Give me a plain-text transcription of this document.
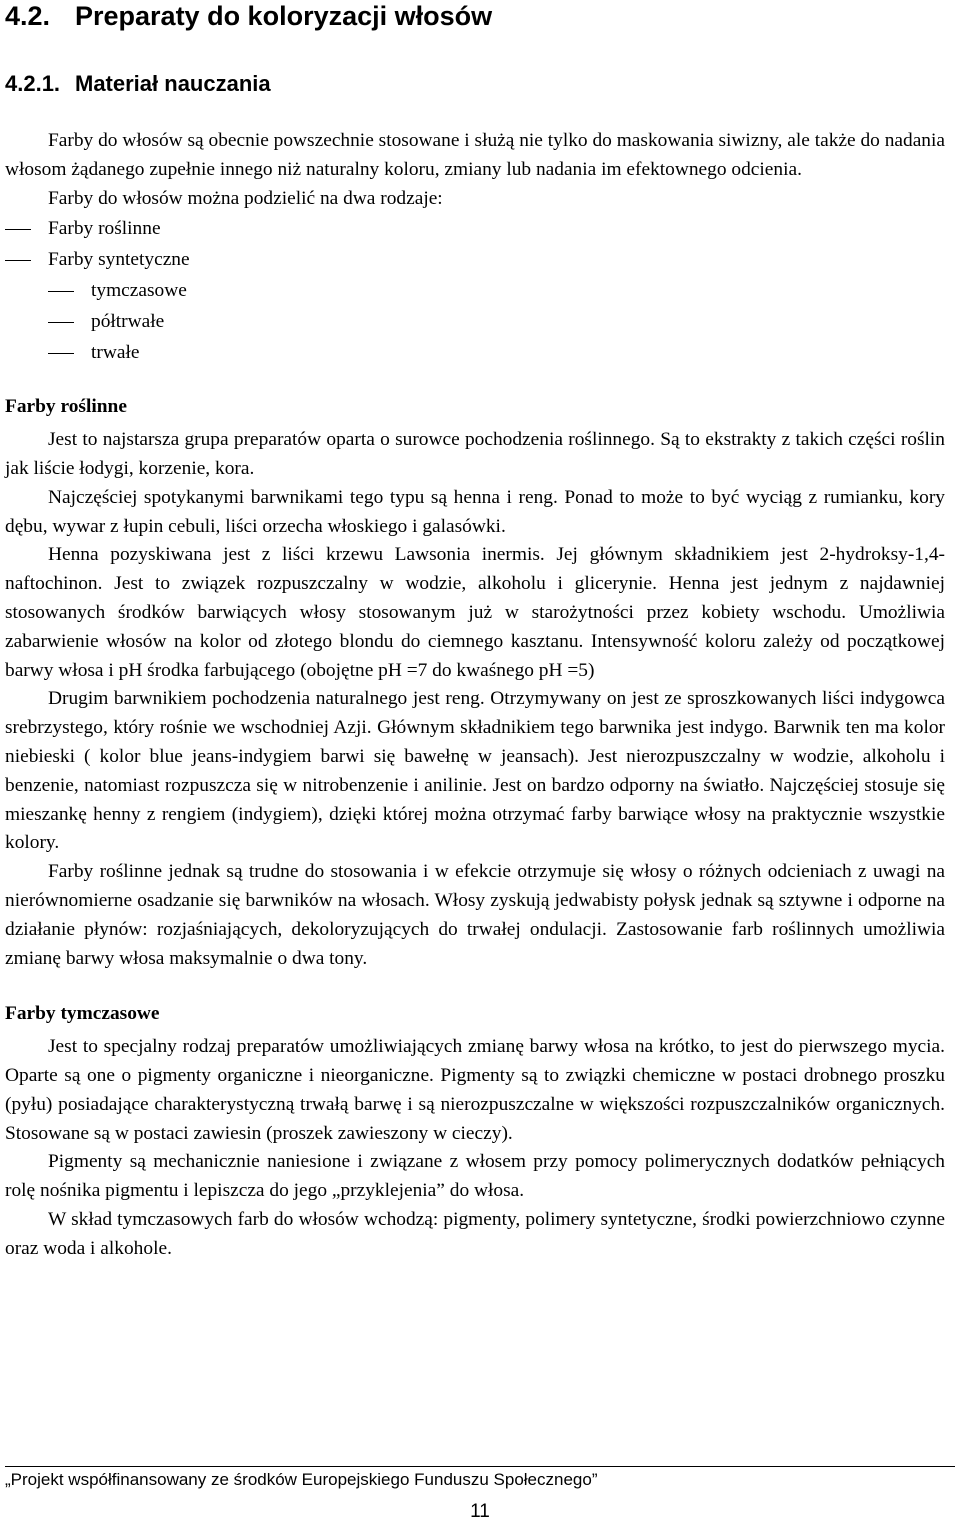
4.2. Preparaty do koloryzacji włosów
4.2.1. Materiał nauczania

Farby do włosów są obecnie powszechnie stosowane i służą nie tylko do maskowania siwizny, ale także do nadania włosom żądanego zupełnie innego niż naturalny koloru, zmiany lub nadania im efektownego odcienia.

Farby do włosów można podzielić na dwa rodzaje:

Farby roślinne
Farby syntetyczne
tymczasowe
półtrwałe
trwałe

Farby roślinne

Jest to najstarsza grupa preparatów oparta o surowce pochodzenia roślinnego. Są to ekstrakty z takich części roślin jak liście łodygi, korzenie, kora.

Najczęściej spotykanymi barwnikami tego typu są henna i reng. Ponad to może to być wyciąg z rumianku, kory dębu, wywar z łupin cebuli, liści orzecha włoskiego i galasówki.

Henna pozyskiwana jest z liści krzewu Lawsonia inermis. Jej głównym składnikiem jest 2-hydroksy-1,4-naftochinon. Jest to związek rozpuszczalny w wodzie, alkoholu i glicerynie. Henna jest jednym z najdawniej stosowanych środków barwiących włosy stosowanym już w starożytności przez kobiety wschodu. Umożliwia zabarwienie włosów na kolor od złotego blondu do ciemnego kasztanu. Intensywność koloru zależy od początkowej barwy włosa i pH środka farbującego (obojętne pH =7 do kwaśnego pH =5)

Drugim barwnikiem pochodzenia naturalnego jest reng. Otrzymywany on jest ze sproszkowanych liści indygowca srebrzystego, który rośnie we wschodniej Azji. Głównym składnikiem tego barwnika jest indygo. Barwnik ten ma kolor niebieski ( kolor blue jeans-indygiem barwi się bawełnę w jeansach). Jest nierozpuszczalny w wodzie, alkoholu i benzenie, natomiast rozpuszcza się w nitrobenzenie i anilinie. Jest on bardzo odporny na światło. Najczęściej stosuje się mieszankę henny z rengiem (indygiem), dzięki której można otrzymać farby barwiące włosy na praktycznie wszystkie kolory.

Farby roślinne jednak są trudne do stosowania i w efekcie otrzymuje się włosy o różnych odcieniach z uwagi na nierównomierne osadzanie się barwników na włosach. Włosy zyskują jedwabisty połysk jednak są sztywne i odporne na działanie płynów: rozjaśniających, dekoloryzujących do trwałej ondulacji. Zastosowanie farb roślinnych umożliwia zmianę barwy włosa maksymalnie o dwa tony.

Farby tymczasowe

Jest to specjalny rodzaj preparatów umożliwiających zmianę barwy włosa na krótko, to jest do pierwszego mycia. Oparte są one o pigmenty organiczne i nieorganiczne. Pigmenty są to związki chemiczne w postaci drobnego proszku (pyłu) posiadające charakterystyczną trwałą barwę i są nierozpuszczalne w większości rozpuszczalników organicznych. Stosowane są w postaci zawiesin (proszek zawieszony w cieczy).

Pigmenty są mechanicznie naniesione i związane z włosem przy pomocy polimerycznych dodatków pełniących rolę nośnika pigmentu i lepiszcza do jego „przyklejenia” do włosa.

W skład tymczasowych farb do włosów wchodzą: pigmenty, polimery syntetyczne, środki powierzchniowo czynne oraz woda i alkohole.

„Projekt współfinansowany ze środków Europejskiego Funduszu Społecznego”
11
